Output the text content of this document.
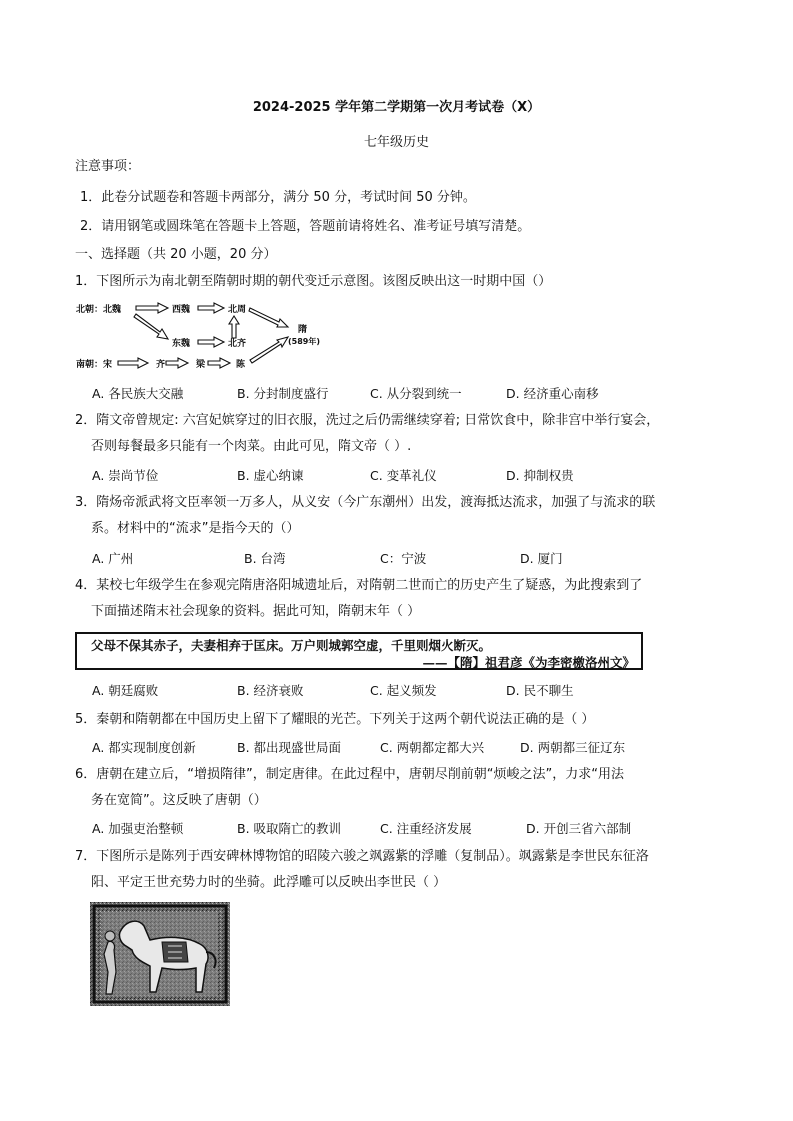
2024-2025 学年第二学期第一次月考试卷（X）
七年级历史
注意事项：
1．此卷分试题卷和答题卡两部分，满分 50 分，考试时间 50 分钟。
2．请用钢笔或圆珠笔在答题卡上答题，答题前请将姓名、准考证号填写清楚。
一、选择题（共 20 小题，20 分）
1．下图所示为南北朝至隋朝时期的朝代变迁示意图。该图反映出这一时期中国（）
北朝：北魏	西魏
东魏
北周
北齐
南朝：宋	齐	梁	陈
隋
(589年)
A. 各民族大交融	B. 分封制度盛行	C. 从分裂到统一	D. 经济重心南移
2．隋文帝曾规定: 六宫妃嫔穿过的旧衣服，洗过之后仍需继续穿着; 日常饮食中，除非宫中举行宴会，
否则每餐最多只能有一个肉菜。由此可见，隋文帝（ ）.
A. 崇尚节俭	B. 虚心纳谏	C. 变革礼仪	D. 抑制权贵
3．隋炀帝派武将文臣率领一万多人，从义安（今广东潮州）出发，渡海抵达流求，加强了与流求的联
系。材料中的“流求”是指今天的（）
A. 广州	B. 台湾	C：宁波	D. 厦门
4．某校七年级学生在参观完隋唐洛阳城遗址后，对隋朝二世而亡的历史产生了疑惑，为此搜索到了
下面描述隋末社会现象的资料。据此可知，隋朝末年（ ）
父母不保其赤子，夫妻相弃于匡床。万户则城郭空虚，千里则烟火断灭。
——【隋】祖君彦《为李密檄洛州文》
A. 朝廷腐败	B. 经济衰败	C. 起义频发	D. 民不聊生
5．秦朝和隋朝都在中国历史上留下了耀眼的光芒。下列关于这两个朝代说法正确的是（ ）
A. 都实现制度创新	B. 都出现盛世局面	C. 两朝都定都大兴	D. 两朝都三征辽东
6．唐朝在建立后，“增损隋律”，制定唐律。在此过程中，唐朝尽削前朝“烦峻之法”，力求“用法
务在宽简”。这反映了唐朝（）
A. 加强吏治整顿	B. 吸取隋亡的教训	C. 注重经济发展	D. 开创三省六部制
7．下图所示是陈列于西安碑林博物馆的昭陵六骏之飒露紫的浮雕（复制品）。飒露紫是李世民东征洛
阳、平定王世充势力时的坐骑。此浮雕可以反映出李世民（ ）
